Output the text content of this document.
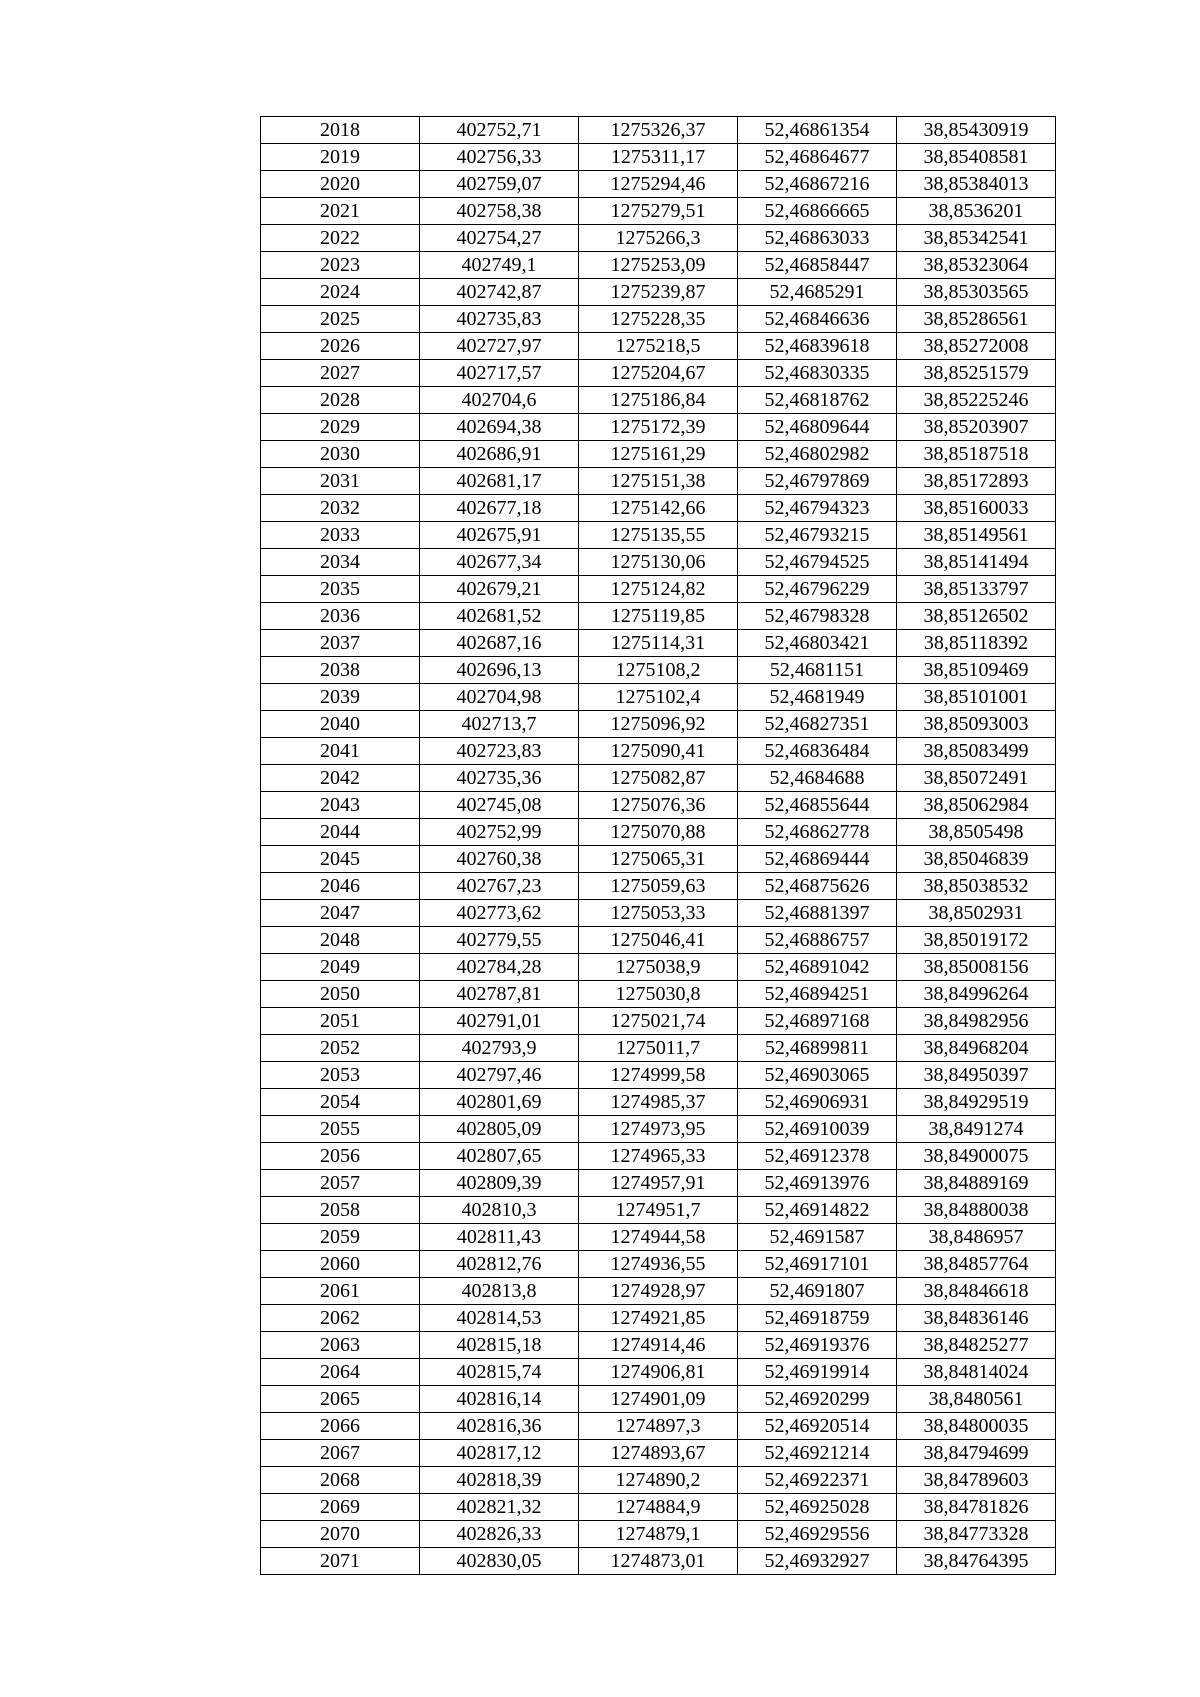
2018	402752,71	1275326,37	52,46861354	38,85430919
2019	402756,33	1275311,17	52,46864677	38,85408581
2020	402759,07	1275294,46	52,46867216	38,85384013
2021	402758,38	1275279,51	52,46866665	38,8536201
2022	402754,27	1275266,3	52,46863033	38,85342541
2023	402749,1	1275253,09	52,46858447	38,85323064
2024	402742,87	1275239,87	52,4685291	38,85303565
2025	402735,83	1275228,35	52,46846636	38,85286561
2026	402727,97	1275218,5	52,46839618	38,85272008
2027	402717,57	1275204,67	52,46830335	38,85251579
2028	402704,6	1275186,84	52,46818762	38,85225246
2029	402694,38	1275172,39	52,46809644	38,85203907
2030	402686,91	1275161,29	52,46802982	38,85187518
2031	402681,17	1275151,38	52,46797869	38,85172893
2032	402677,18	1275142,66	52,46794323	38,85160033
2033	402675,91	1275135,55	52,46793215	38,85149561
2034	402677,34	1275130,06	52,46794525	38,85141494
2035	402679,21	1275124,82	52,46796229	38,85133797
2036	402681,52	1275119,85	52,46798328	38,85126502
2037	402687,16	1275114,31	52,46803421	38,85118392
2038	402696,13	1275108,2	52,4681151	38,85109469
2039	402704,98	1275102,4	52,4681949	38,85101001
2040	402713,7	1275096,92	52,46827351	38,85093003
2041	402723,83	1275090,41	52,46836484	38,85083499
2042	402735,36	1275082,87	52,4684688	38,85072491
2043	402745,08	1275076,36	52,46855644	38,85062984
2044	402752,99	1275070,88	52,46862778	38,8505498
2045	402760,38	1275065,31	52,46869444	38,85046839
2046	402767,23	1275059,63	52,46875626	38,85038532
2047	402773,62	1275053,33	52,46881397	38,8502931
2048	402779,55	1275046,41	52,46886757	38,85019172
2049	402784,28	1275038,9	52,46891042	38,85008156
2050	402787,81	1275030,8	52,46894251	38,84996264
2051	402791,01	1275021,74	52,46897168	38,84982956
2052	402793,9	1275011,7	52,46899811	38,84968204
2053	402797,46	1274999,58	52,46903065	38,84950397
2054	402801,69	1274985,37	52,46906931	38,84929519
2055	402805,09	1274973,95	52,46910039	38,8491274
2056	402807,65	1274965,33	52,46912378	38,84900075
2057	402809,39	1274957,91	52,46913976	38,84889169
2058	402810,3	1274951,7	52,46914822	38,84880038
2059	402811,43	1274944,58	52,4691587	38,8486957
2060	402812,76	1274936,55	52,46917101	38,84857764
2061	402813,8	1274928,97	52,4691807	38,84846618
2062	402814,53	1274921,85	52,46918759	38,84836146
2063	402815,18	1274914,46	52,46919376	38,84825277
2064	402815,74	1274906,81	52,46919914	38,84814024
2065	402816,14	1274901,09	52,46920299	38,8480561
2066	402816,36	1274897,3	52,46920514	38,84800035
2067	402817,12	1274893,67	52,46921214	38,84794699
2068	402818,39	1274890,2	52,46922371	38,84789603
2069	402821,32	1274884,9	52,46925028	38,84781826
2070	402826,33	1274879,1	52,46929556	38,84773328
2071	402830,05	1274873,01	52,46932927	38,84764395
